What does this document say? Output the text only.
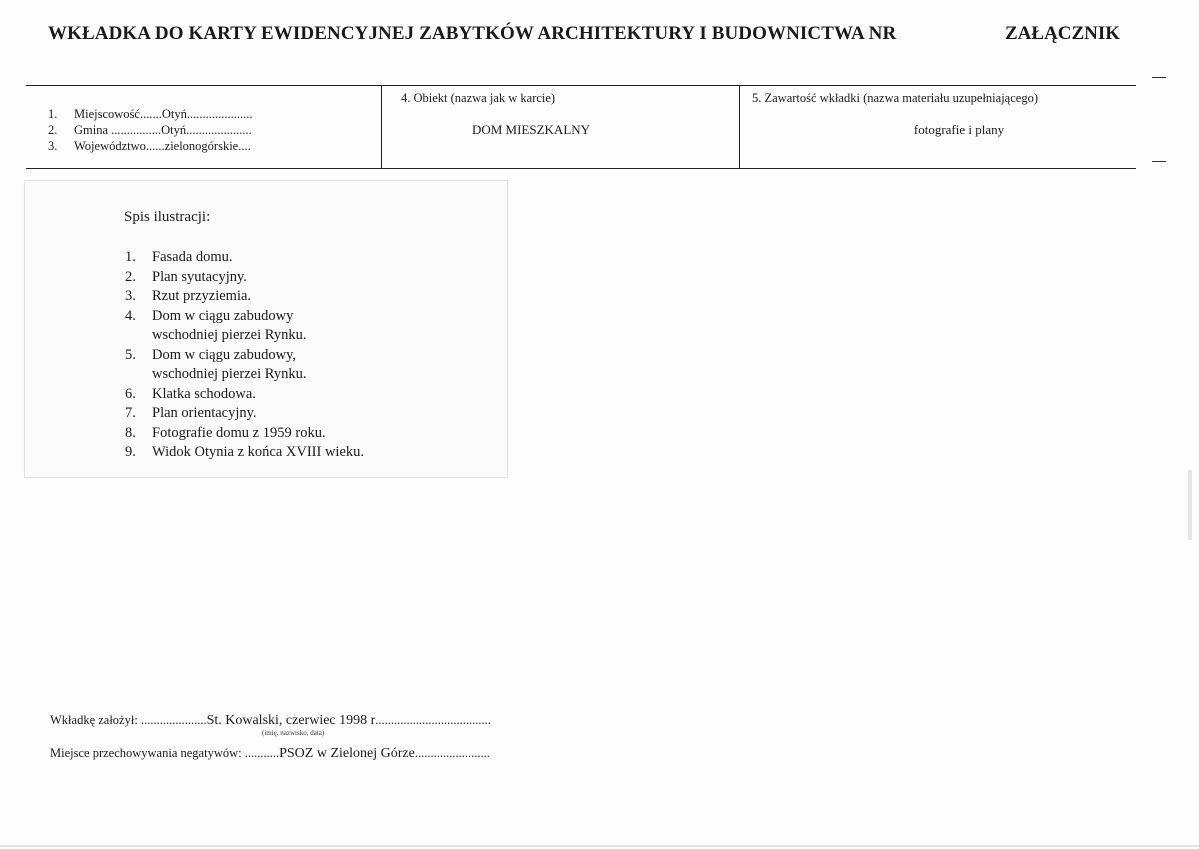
WKŁADKA DO KARTY EWIDENCYJNEJ ZABYTKÓW ARCHITEKTURY I BUDOWNICTWA NR	ZAŁĄCZNIK
1. Miejscowość.......Otyń.....................
2. Gmina ................Otyń.....................
3. Województwo......zielonogórskie....
4. Obiekt (nazwa jak w karcie)
DOM MIESZKALNY
5. Zawartość wkładki (nazwa materiału uzupełniającego)
fotografie i plany
Spis ilustracji:
1.	Fasada domu.
2.	Plan syutacyjny.
3.	Rzut przyziemia.
4.	Dom w ciągu zabudowy
wschodniej pierzei Rynku.
5.	Dom w ciągu zabudowy,
wschodniej pierzei Rynku.
6.	Klatka schodowa.
7.	Plan orientacyjny.
8.	Fotografie domu z 1959 roku.
9.	Widok Otynia z końca XVIII wieku.
Wkładkę założył: .....................St. Kowalski, czerwiec 1998 r.....................................
(imię, nazwisko, data)
Miejsce przechowywania negatywów: ...........PSOZ w Zielonej Górze........................
